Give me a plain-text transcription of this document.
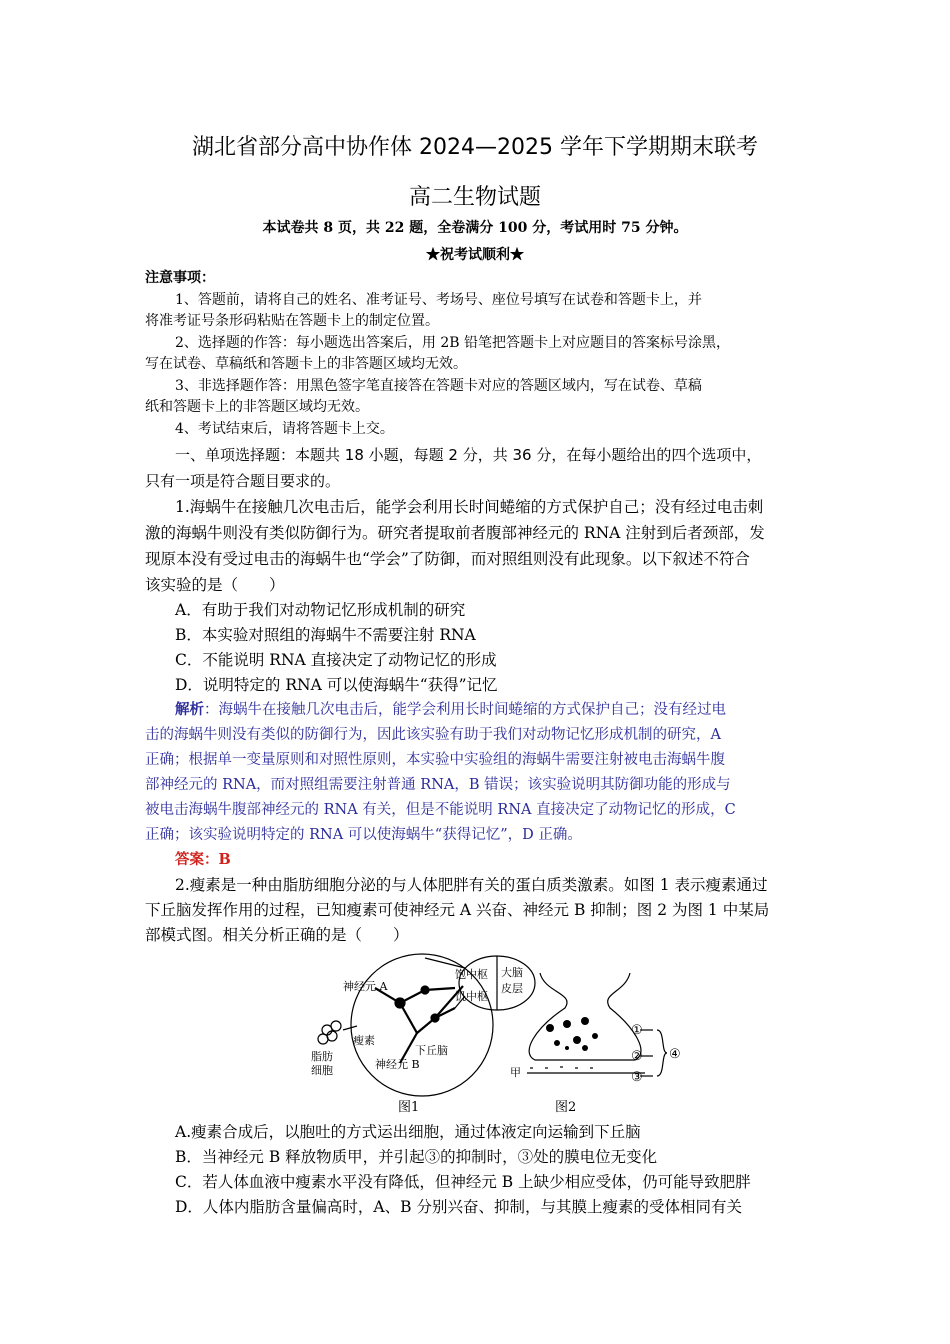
湖北省部分高中协作体 2024—2025 学年下学期期末联考
高二生物试题
本试卷共 8 页，共 22 题，全卷满分 100 分，考试用时 75 分钟。
★祝考试顺利★
注意事项：
1、答题前，请将自己的姓名、准考证号、考场号、座位号填写在试卷和答题卡上，并
将准考证号条形码粘贴在答题卡上的制定位置。
2、选择题的作答：每小题选出答案后，用 2B 铅笔把答题卡上对应题目的答案标号涂黑，
写在试卷、草稿纸和答题卡上的非答题区域均无效。
3、非选择题作答：用黑色签字笔直接答在答题卡对应的答题区域内，写在试卷、草稿
纸和答题卡上的非答题区域均无效。
4、考试结束后，请将答题卡上交。
一、单项选择题：本题共 18 小题，每题 2 分，共 36 分，在每小题给出的四个选项中，
只有一项是符合题目要求的。
1.海蜗牛在接触几次电击后，能学会利用长时间蜷缩的方式保护自己；没有经过电击刺
激的海蜗牛则没有类似防御行为。研究者提取前者腹部神经元的 RNA 注射到后者颈部，发
现原本没有受过电击的海蜗牛也“学会”了防御，而对照组则没有此现象。以下叙述不符合
该实验的是（　　）
A．有助于我们对动物记忆形成机制的研究
B．本实验对照组的海蜗牛不需要注射 RNA
C．不能说明 RNA 直接决定了动物记忆的形成
D．说明特定的 RNA 可以使海蜗牛“获得”记忆
解析：海蜗牛在接触几次电击后，能学会利用长时间蜷缩的方式保护自己；没有经过电
击的海蜗牛则没有类似的防御行为，因此该实验有助于我们对动物记忆形成机制的研究，A
正确；根据单一变量原则和对照性原则，本实验中实验组的海蜗牛需要注射被电击海蜗牛腹
部神经元的 RNA，而对照组需要注射普通 RNA，B 错误；该实验说明其防御功能的形成与
被电击海蜗牛腹部神经元的 RNA 有关，但是不能说明 RNA 直接决定了动物记忆的形成，C
正确；该实验说明特定的 RNA 可以使海蜗牛“获得记忆”，D 正确。
答案：B
2.瘦素是一种由脂肪细胞分泌的与人体肥胖有关的蛋白质类激素。如图 1 表示瘦素通过
下丘脑发挥作用的过程，已知瘦素可使神经元 A 兴奋、神经元 B 抑制；图 2 为图 1 中某局
部模式图。相关分析正确的是（　　）
神经元 A
饱中枢
饥中枢
大脑
皮层
脂肪
细胞
瘦素
下丘脑
神经元 B
甲
①
②
③
④
图1	图2
A.瘦素合成后，以胞吐的方式运出细胞，通过体液定向运输到下丘脑
B．当神经元 B 释放物质甲，并引起③的抑制时，③处的膜电位无变化
C．若人体血液中瘦素水平没有降低，但神经元 B 上缺少相应受体，仍可能导致肥胖
D．人体内脂肪含量偏高时，A、B 分别兴奋、抑制，与其膜上瘦素的受体相同有关
